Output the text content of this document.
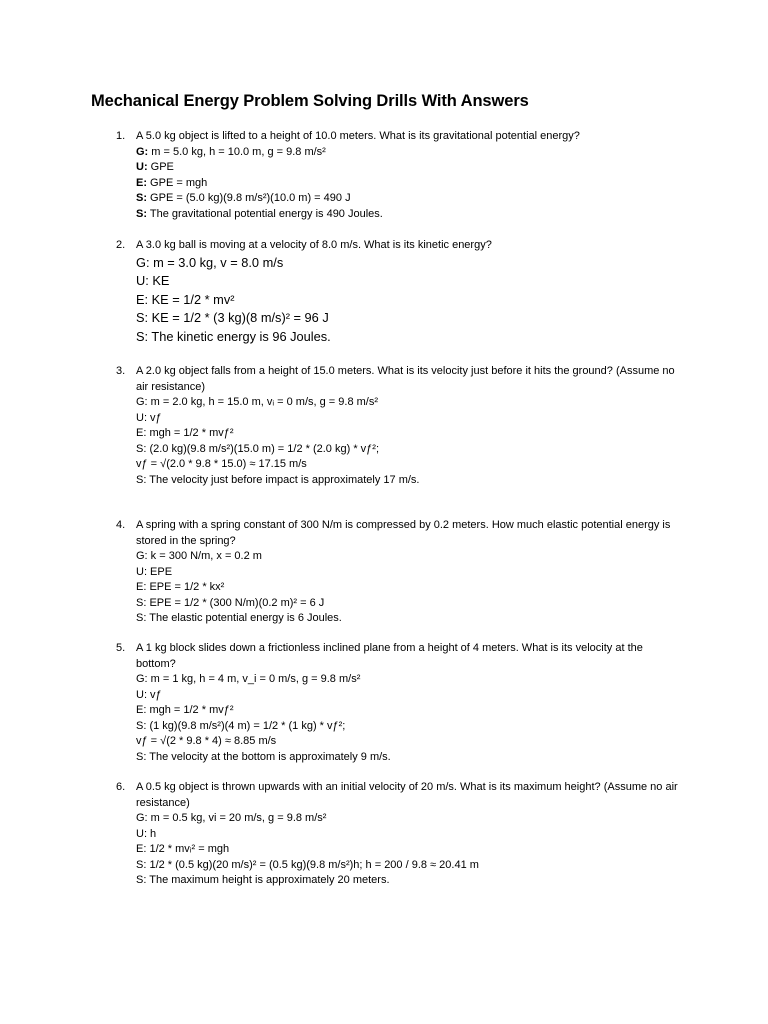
Mechanical Energy Problem Solving Drills With Answers
1. A 5.0 kg object is lifted to a height of 10.0 meters. What is its gravitational potential energy?

G: m = 5.0 kg, h = 10.0 m, g = 9.8 m/s²

U: GPE

E: GPE = mgh

S: GPE = (5.0 kg)(9.8 m/s²)(10.0 m) = 490 J

S: The gravitational potential energy is 490 Joules.

2. A 3.0 kg ball is moving at a velocity of 8.0 m/s. What is its kinetic energy?

G: m = 3.0 kg, v = 8.0 m/s

U: KE

E: KE = 1/2 * mv²

S: KE = 1/2 * (3 kg)(8 m/s)² = 96 J

S: The kinetic energy is 96 Joules.

3. A 2.0 kg object falls from a height of 15.0 meters. What is its velocity just before it hits the ground? (Assume no air resistance)

G: m = 2.0 kg, h = 15.0 m, vᵢ = 0 m/s, g = 9.8 m/s²

U: vƒ

E: mgh = 1/2 * mvƒ²

S: (2.0 kg)(9.8 m/s²)(15.0 m) = 1/2 * (2.0 kg) * vƒ²;

vƒ = √(2.0 * 9.8 * 15.0) ≈ 17.15 m/s

S: The velocity just before impact is approximately 17 m/s.

4. A spring with a spring constant of 300 N/m is compressed by 0.2 meters. How much elastic potential energy is stored in the spring?

G: k = 300 N/m, x = 0.2 m

U: EPE

E: EPE = 1/2 * kx²

S: EPE = 1/2 * (300 N/m)(0.2 m)² = 6 J

S: The elastic potential energy is 6 Joules.

5. A 1 kg block slides down a frictionless inclined plane from a height of 4 meters. What is its velocity at the bottom?

G: m = 1 kg, h = 4 m, v_i = 0 m/s, g = 9.8 m/s²

U: vƒ

E: mgh = 1/2 * mvƒ²

S: (1 kg)(9.8 m/s²)(4 m) = 1/2 * (1 kg) * vƒ²;

vƒ = √(2 * 9.8 * 4) ≈ 8.85 m/s

S: The velocity at the bottom is approximately 9 m/s.

6. A 0.5 kg object is thrown upwards with an initial velocity of 20 m/s. What is its maximum height? (Assume no air resistance)

G: m = 0.5 kg, vi = 20 m/s, g = 9.8 m/s²

U: h

E: 1/2 * mvᵢ² = mgh

S: 1/2 * (0.5 kg)(20 m/s)² = (0.5 kg)(9.8 m/s²)h; h = 200 / 9.8 ≈ 20.41 m

S: The maximum height is approximately 20 meters.
